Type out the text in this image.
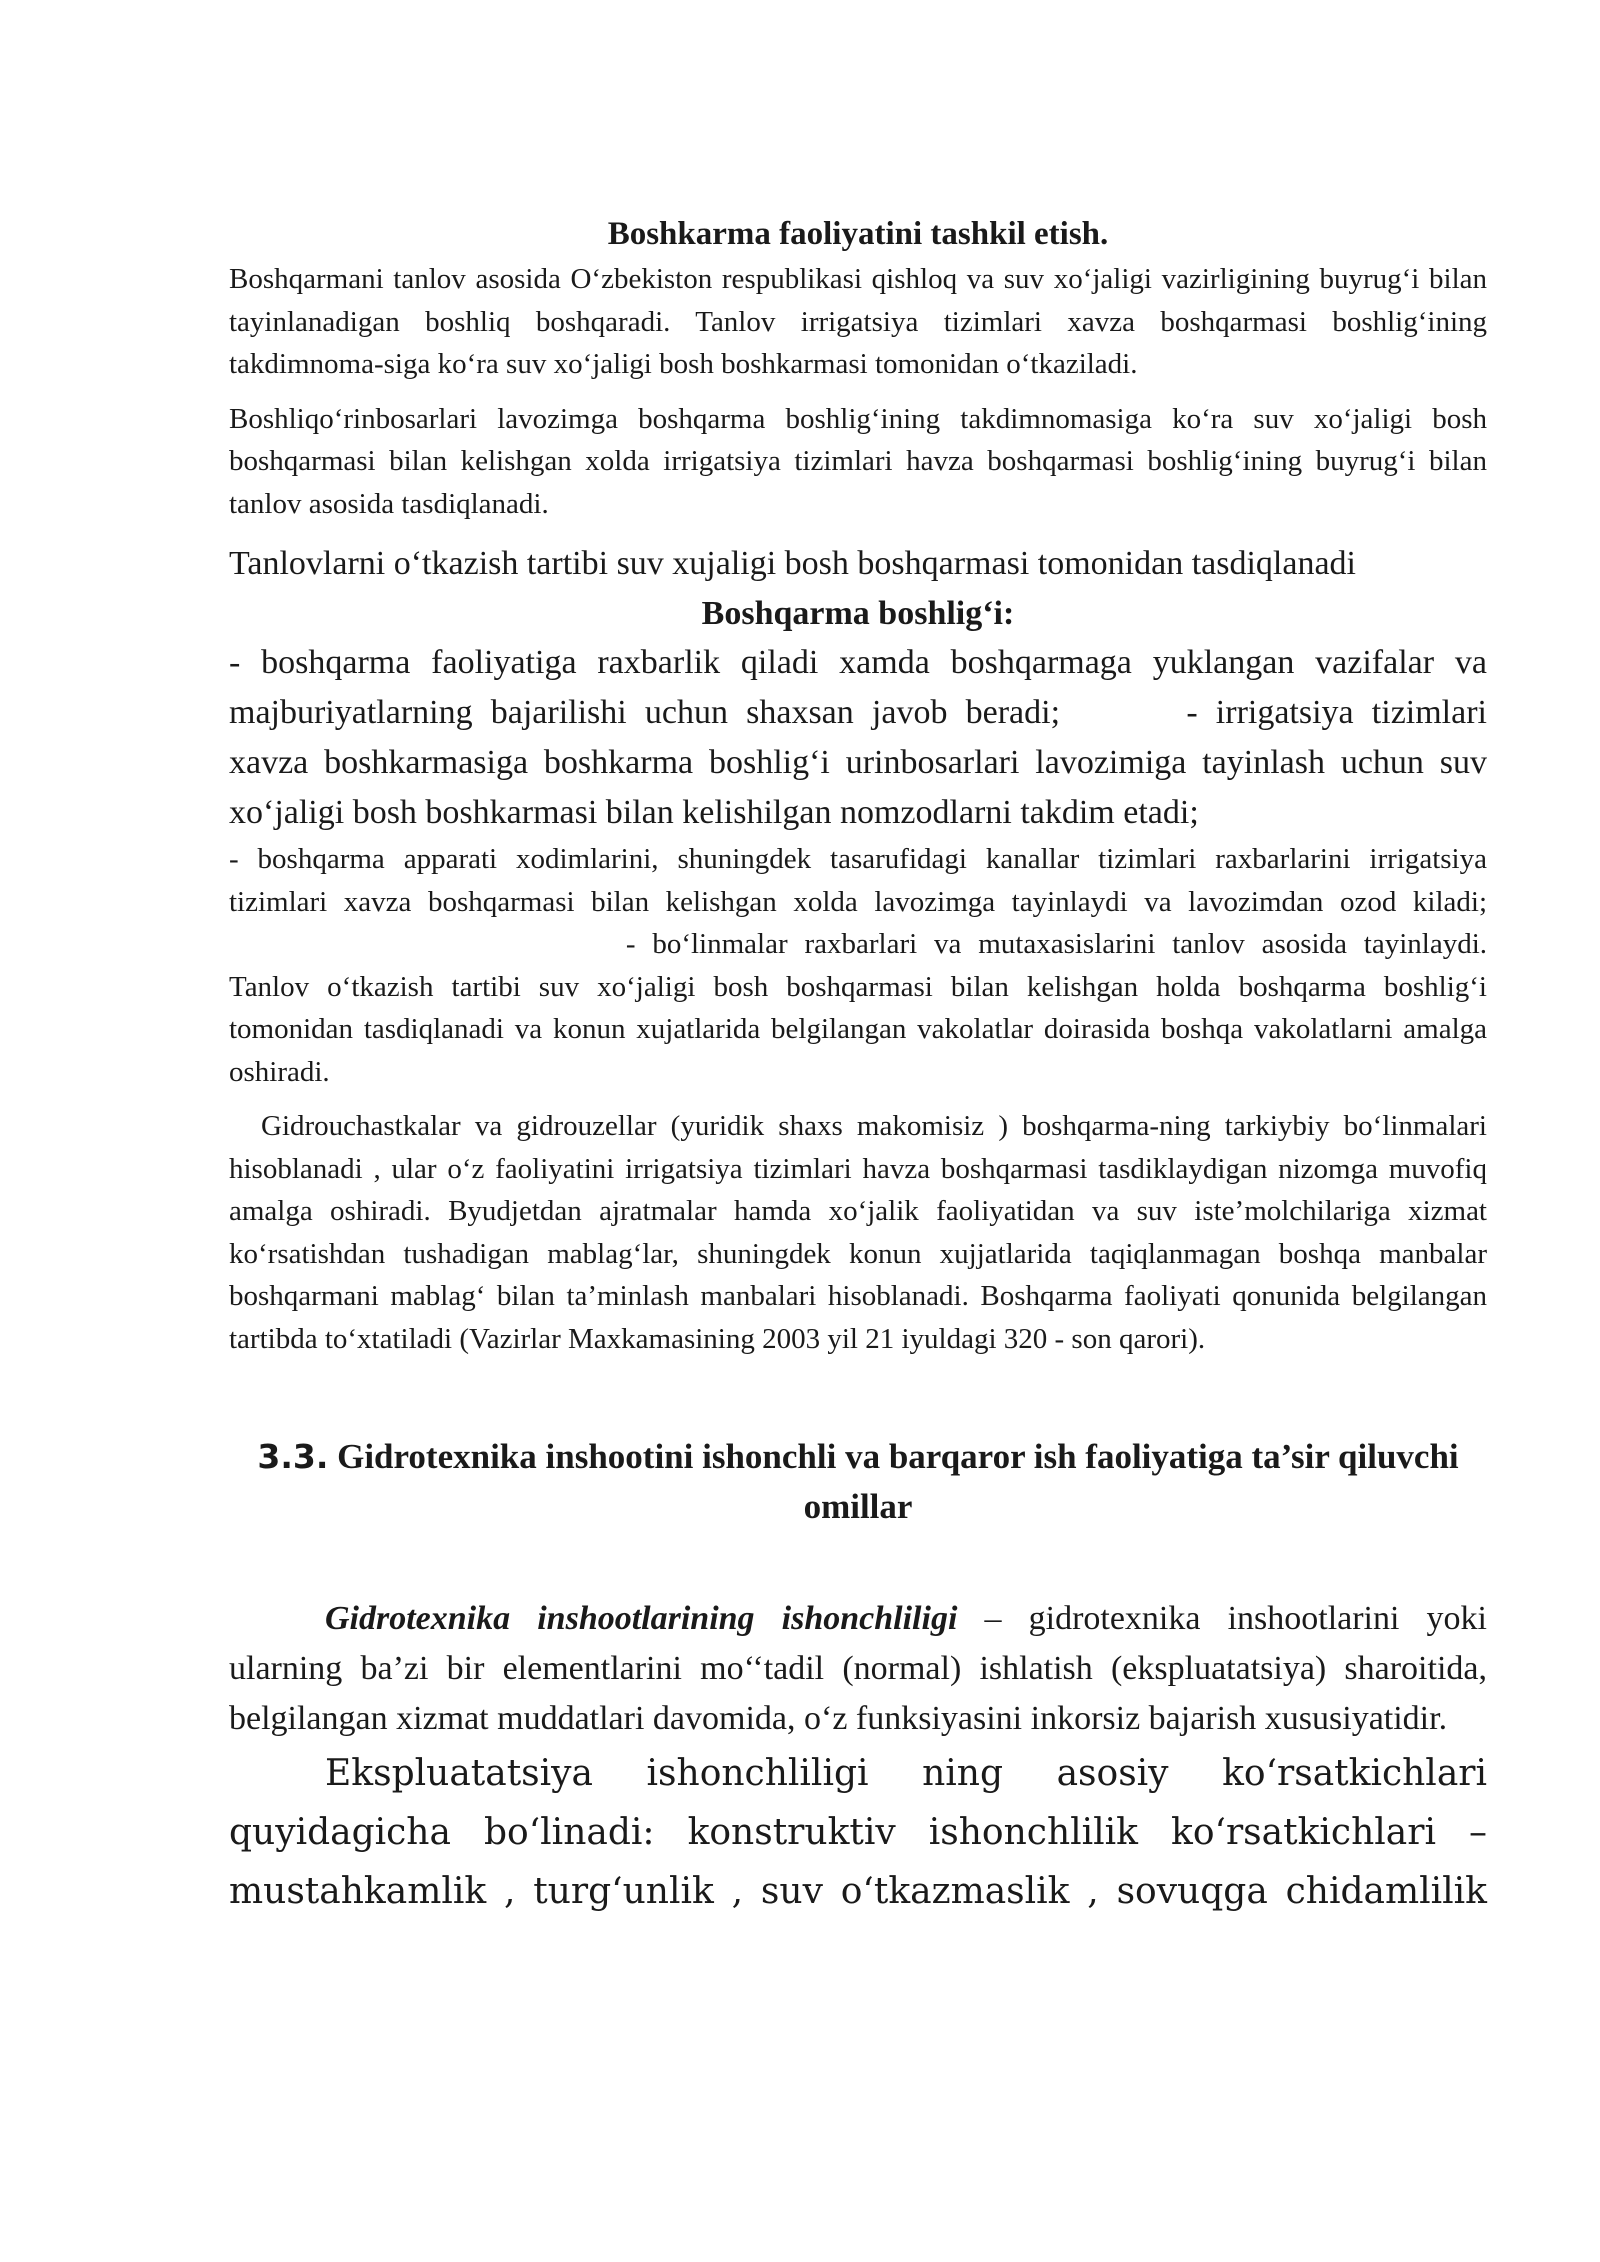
Boshkarma faoliyatini tashkil etish.

Boshqarmani tanlov asosida O‘zbekiston respublikasi qishloq va suv xo‘jaligi vazirligining buyrug‘i bilan tayinlanadigan boshliq boshqaradi. Tanlov irrigatsiya tizimlari xavza boshqarmasi boshlig‘ining takdimnoma-siga ko‘ra suv xo‘jaligi bosh boshkarmasi tomonidan o‘tkaziladi.

Boshliqo‘rinbosarlari lavozimga boshqarma boshlig‘ining takdimnomasiga ko‘ra suv xo‘jaligi bosh boshqarmasi bilan kelishgan xolda irrigatsiya tizimlari havza boshqarmasi boshlig‘ining buyrug‘i bilan tanlov asosida tasdiqlanadi.

Tanlovlarni o‘tkazish tartibi suv xujaligi bosh boshqarmasi tomonidan tasdiqlanadi

Boshqarma boshlig‘i:

- boshqarma faoliyatiga raxbarlik qiladi xamda boshqarmaga yuklangan vazifalar va majburiyatlarning bajarilishi uchun shaxsan javob beradi;	- irrigatsiya tizimlari xavza boshkarmasiga boshkarma boshlig‘i urinbosarlari lavozimiga tayinlash uchun suv xo‘jaligi bosh boshkarmasi bilan kelishilgan nomzodlarni takdim etadi;

- boshqarma apparati xodimlarini, shuningdek tasarufidagi kanallar tizimlari raxbarlarini irrigatsiya tizimlari xavza boshqarmasi bilan kelishgan xolda lavozimga tayinlaydi va lavozimdan ozod kiladi;  - bo‘linmalar raxbarlari va mutaxasislarini tanlov asosida tayinlaydi. Tanlov o‘tkazish tartibi suv xo‘jaligi bosh boshqarmasi bilan kelishgan holda boshqarma boshlig‘i tomonidan tasdiqlanadi va konun xujatlarida belgilangan vakolatlar doirasida boshqa vakolatlarni amalga oshiradi.

Gidrouchastkalar va gidrouzellar (yuridik shaxs makomisiz ) boshqarma-ning tarkiybiy bo‘linmalari hisoblanadi , ular o‘z faoliyatini irrigatsiya tizimlari havza boshqarmasi tasdiklaydigan nizomga muvofiq amalga oshiradi. Byudjetdan ajratmalar hamda xo‘jalik faoliyatidan va suv iste’molchilariga xizmat ko‘rsatishdan tushadigan mablag‘lar, shuningdek konun xujjatlarida taqiqlanmagan boshqa manbalar boshqarmani mablag‘ bilan ta’minlash manbalari hisoblanadi. Boshqarma faoliyati qonunida belgilangan tartibda to‘xtatiladi (Vazirlar Maxkamasining 2003 yil 21 iyuldagi 320 - son qarori).

3.3. Gidrotexnika inshootini ishonchli va barqaror ish faoliyatiga ta’sir qiluvchi omillar

Gidrotexnika inshootlarining ishonchliligi – gidrotexnika inshootlarini yoki ularning ba’zi bir elementlarini mo‘‘tadil (normal) ishlatish (ekspluatatsiya) sharoitida, belgilangan xizmat muddatlari davomida, o‘z funksiyasini inkorsiz bajarish xususiyatidir.

Ekspluatatsiya ishonchliligi ning asosiy ko‘rsatkichlari quyidagicha bo‘linadi: konstruktiv ishonchlilik ko‘rsatkichlari – mustahkamlik , turg‘unlik , suv o‘tkazmaslik , sovuqga chidamlilik
